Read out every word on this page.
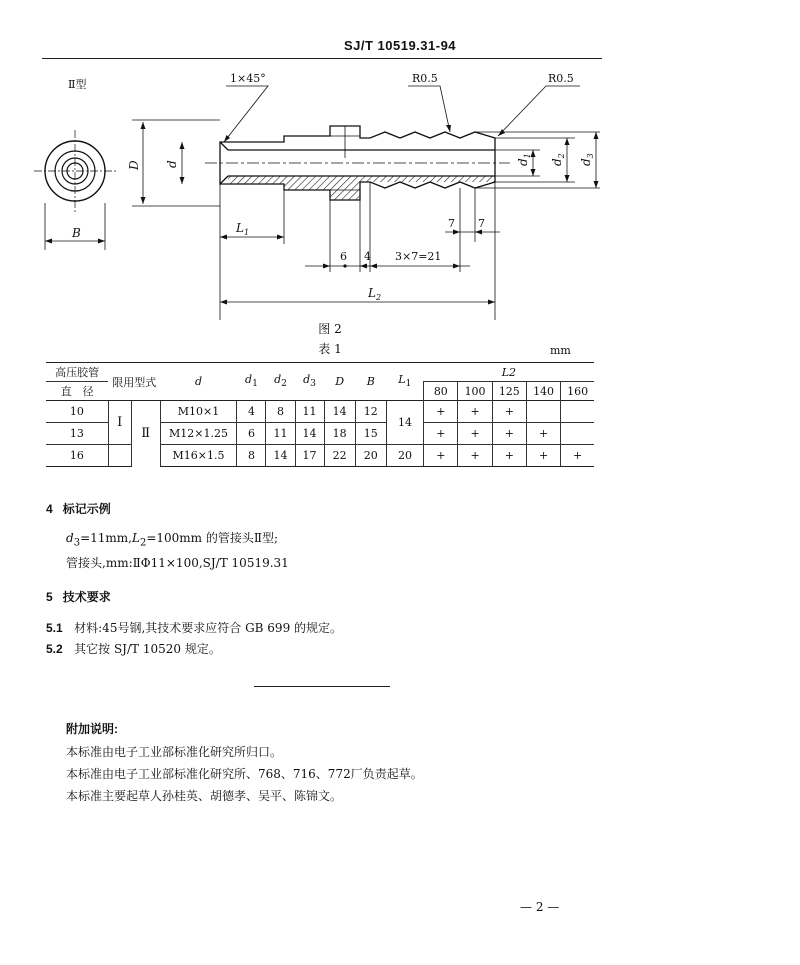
SJ/T 10519.31-94
Ⅱ型
B
D d
1×45°	R0.5	R0.5
$d_1$
$d_2$
$d_3$
$L_1$
6 4 3×7=21
7 7
$L_2$
图 2
表 1	mm
高压胶管	限用型式		d	$d_1$	$d_2$	$d_3$	D	B	$L_1$	L2				
直　径										80	100	125	140	160
10	Ⅰ	Ⅱ	M10×1	4	8	11	14	12	14	+	+	+		
13			M12×1.25	6	11	14	18	15		+	+	+	+	
16			M16×1.5	8	14	17	22	20	20	+	+	+	+	+
4 标记示例
$d_3=11mm,L_2=100mm$ 的管接头Ⅱ型;
管接头,mm:ⅡΦ11×100,SJ/T 10519.31
5 技术要求
5.1 材料:45号钢,其技术要求应符合 GB 699 的规定。
5.2 其它按 SJ/T 10520 规定。
附加说明:
本标准由电子工业部标准化研究所归口。
本标准由电子工业部标准化研究所、768、716、772厂负责起草。
本标准主要起草人孙桂英、胡德孝、吴平、陈锦文。
— 2 —
